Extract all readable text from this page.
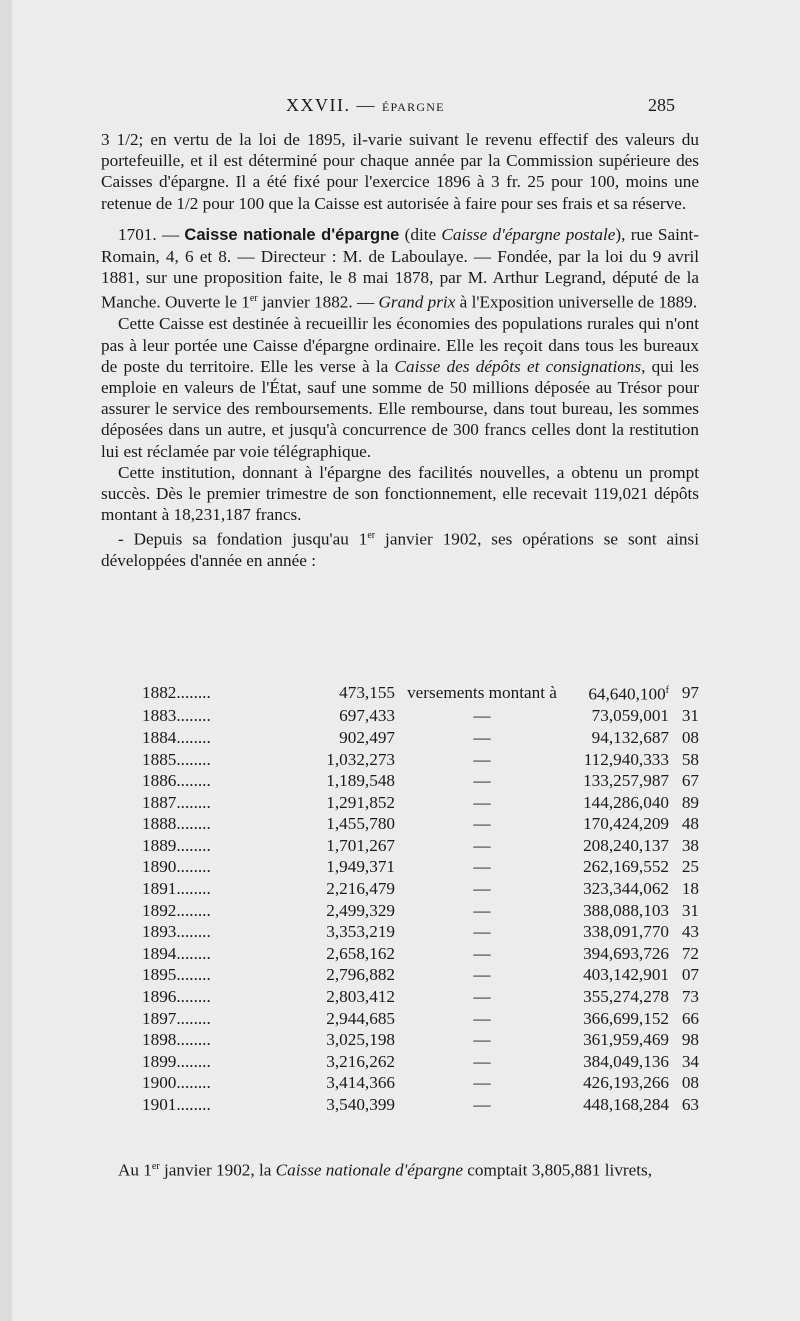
XXVII. — ÉPARGNE	285

3 1/2; en vertu de la loi de 1895, il-varie suivant le revenu effectif des valeurs du portefeuille, et il est déterminé pour chaque année par la Commission supérieure des Caisses d'épargne. Il a été fixé pour l'exercice 1896 à 3 fr. 25 pour 100, moins une retenue de 1/2 pour 100 que la Caisse est autorisée à faire pour ses frais et sa réserve.

1701. — Caisse nationale d'épargne (dite Caisse d'épargne postale), rue Saint-Romain, 4, 6 et 8. — Directeur : M. de Laboulaye. — Fondée, par la loi du 9 avril 1881, sur une proposition faite, le 8 mai 1878, par M. Arthur Legrand, député de la Manche. Ouverte le 1er janvier 1882. — Grand prix à l'Exposition universelle de 1889.

Cette Caisse est destinée à recueillir les économies des populations rurales qui n'ont pas à leur portée une Caisse d'épargne ordinaire. Elle les reçoit dans tous les bureaux de poste du territoire. Elle les verse à la Caisse des dépôts et consignations, qui les emploie en valeurs de l'État, sauf une somme de 50 millions déposée au Trésor pour assurer le service des remboursements. Elle rembourse, dans tout bureau, les sommes déposées dans un autre, et jusqu'à concurrence de 300 francs celles dont la restitution lui est réclamée par voie télégraphique.

Cette institution, donnant à l'épargne des facilités nouvelles, a obtenu un prompt succès. Dès le premier trimestre de son fonctionnement, elle recevait 119,021 dépôts montant à 18,231,187 francs.

- Depuis sa fondation jusqu'au 1er janvier 1902, ses opérations se sont ainsi développées d'année en année :

1882........	473,155	versements montant à	64,640,100$^f$	97
1883........	697,433	—	73,059,001	31
1884........	902,497	—	94,132,687	08
1885........	1,032,273	—	112,940,333	58
1886........	1,189,548	—	133,257,987	67
1887........	1,291,852	—	144,286,040	89
1888........	1,455,780	—	170,424,209	48
1889........	1,701,267	—	208,240,137	38
1890........	1,949,371	—	262,169,552	25
1891........	2,216,479	—	323,344,062	18
1892........	2,499,329	—	388,088,103	31
1893........	3,353,219	—	338,091,770	43
1894........	2,658,162	—	394,693,726	72
1895........	2,796,882	—	403,142,901	07
1896........	2,803,412	—	355,274,278	73
1897........	2,944,685	—	366,699,152	66
1898........	3,025,198	—	361,959,469	98
1899........	3,216,262	—	384,049,136	34
1900........	3,414,366	—	426,193,266	08
1901........	3,540,399	—	448,168,284	63

Au 1er janvier 1902, la Caisse nationale d'épargne comptait 3,805,881 livrets,
